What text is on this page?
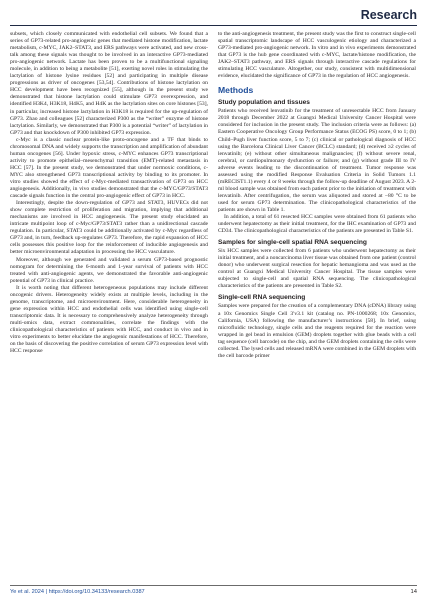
Research

subsets, which closely communicated with endothelial cell subsets. We found that a series of GP73-related pro-angiogenic genes that mediated histone modification, lactate metabolism, c-MYC, JAK2–STAT3, and ERS pathways were activated, and new cross-talk among these signals was thought to be involved in an interactive GP73-mediated pro-angiogenic network. Lactate has been proven to be a multifunctional signaling molecule, in addition to being a metabolite [51], exerting novel roles in stimulating the lactylation of histone lysine residues [52] and participating in multiple disease progressions as driver of oncogenes [53,54]. Contributions of histone lactylation on HCC development have been recognized [55], although in the present study we demonstrated that histone lactylation could stimulate GP73 overexpression, and identified H3K4, H3K18, H4K5, and H4K as the lactylation sites on core histones [53], in particular, increased histone lactylation in H3K18 is required for the up-regulation of GP73. Zhao and colleagues [52] characterized P300 as the “writer” enzyme of histone lactylation. Similarly, we demonstrated that P300 is a potential “writer” of lactylation in GP73 and that knockdown of P300 inhibited GP73 expression.

c-Myc is a classic nuclear protein-like proto-oncogene and a TF that binds to chromosomal DNA and widely supports the transcription and amplification of abundant human oncogenes [56]. Under hypoxic stress, c-MYC enhances GP73 transcriptional activity to promote epithelial–mesenchymal transition (EMT)-related metastasis in HCC [57]. In the present study, we demonstrated that under normoxic conditions, c-MYC also strengthened GP73 transcriptional activity by binding to its promoter. In vitro studies showed the effect of c-Myc-mediated transactivation of GP73 on HCC angiogenesis. Additionally, in vivo studies demonstrated that the c-MYC/GP73/STAT3 cascade signals function in the central pro-angiogenic effect of GP73 in HCC.

Interestingly, despite the down-regulation of GP73 and STAT3, HUVECs did not show complete restriction of proliferation and migration, implying that additional mechanisms are involved in HCC angiogenesis. The present study elucidated an intricate multipoint loop of c-Myc/GP73/STAT3 rather than a unidirectional cascade regulation. In particular, STAT3 could be additionally activated by c-Myc regardless of GP73 and, in turn, feedback up-regulates GP73. Therefore, the rapid expansion of HCC cells possesses this positive loop for the reinforcement of inducible angiogenesis and better microenvironmental adaptation in processing the HCC vasculature.

Moreover, although we generated and validated a serum GP73-based prognostic nomogram for determining the 6-month and 1-year survival of patients with HCC treated with anti-angiogenic agents, we demonstrated the favorable anti-angiogenic potential of GP73 in clinical practice.

It is worth noting that different heterogeneous populations may include different oncogenic drivers. Heterogeneity widely exists at multiple levels, including in the genome, transcriptome, and microenvironment. Here, considerable heterogeneity in gene expression within HCC and endothelial cells was identified using single-cell transcriptomic data. It is necessary to comprehensively analyze heterogeneity through multi-omics data, extract commonalities, correlate the findings with the clinicopathological characteristics of patients with HCC, and conduct in vivo and in vitro experiments to better elucidate the angiogenic manifestations of HCC. Therefore, on the basis of discovering the positive correlation of serum GP73 expression level with HCC response

to the anti-angiogenesis treatment, the present study was the first to construct single-cell spatial transcriptomic landscape of HCC vasculogenic etiology and characterized a GP73-mediated pro-angiogenic network. In vitro and in vivo experiments demonstrated that GP73 is the hub gene coordinated with c-MYC, lactate/histone modification, the JAK2–STAT3 pathway, and ERS signals through interactive cascade regulations for stimulating HCC vasculature. Altogether, our study, consistent with multidimensional evidence, elucidated the significance of GP73 in the regulation of HCC angiogenesis.

Methods
Study population and tissues

Patients who received lenvatinib for the treatment of unresectable HCC from January 2018 through December 2022 at Guangxi Medical University Cancer Hospital were considered for inclusion in the present study. The inclusion criteria were as follows: (a) Eastern Cooperative Oncology Group Performance Status (ECOG PS) score, 0 to 1; (b) Child–Pugh liver function score, 5 to 7; (c) clinical or pathological diagnosis of HCC using the Barcelona Clinical Liver Cancer (BCLC) standard; (d) received ≥2 cycles of lenvatinib; (e) without other simultaneous malignancies; (f) without severe renal, cerebral, or cardiopulmonary dysfunction or failure; and (g) without grade III to IV adverse events leading to the discontinuation of treatment. Tumor response was assessed using the modified Response Evaluation Criteria in Solid Tumors 1.1 (mRECIST1.1) every 4 or 8 weeks through the follow-up deadline of August 2023. A 2-ml blood sample was obtained from each patient prior to the initiation of treatment with lenvatinib. After centrifugation, the serum was aliquoted and stored at −80 °C to be used for serum GP73 determination. The clinicopathological characteristics of the patients are shown in Table 1.

In addition, a total of 61 resected HCC samples were obtained from 61 patients who underwent hepatectomy as their initial treatment, for the IHC examination of GP73 and CD34. The clinicopathological characteristics of the patients are presented in Table S1.

Samples for single-cell spatial RNA sequencing

Six HCC samples were collected from 6 patients who underwent hepatectomy as their initial treatment, and a noncarcinoma liver tissue was obtained from one patient (control donor) who underwent surgical resection for hepatic hemangioma and was used as the control at Guangxi Medical University Cancer Hospital. The tissue samples were subjected to single-cell and spatial RNA sequencing. The clinicopathological characteristics of the patients are presented in Table S2.

Single-cell RNA sequencing

Samples were prepared for the creation of a complementary DNA (cDNA) library using a 10x Genomics Single Cell 3′v3.1 kit (catalog no. PN-1000268; 10x Genomics, California, USA) following the manufacturer’s instructions [58]. In brief, using microfluidic technology, single cells and the reagents required for the reaction were wrapped in gel bead in emulsion (GEM) droplets together with glue beads with a cell tag sequence (cell barcode) on the chip, and the GEM droplets containing the cells were collected. The lysed cells and released mRNA were combined in the GEM droplets with the cell barcode primer

Ye et al. 2024 | https://doi.org/10.34133/research.0387	14
